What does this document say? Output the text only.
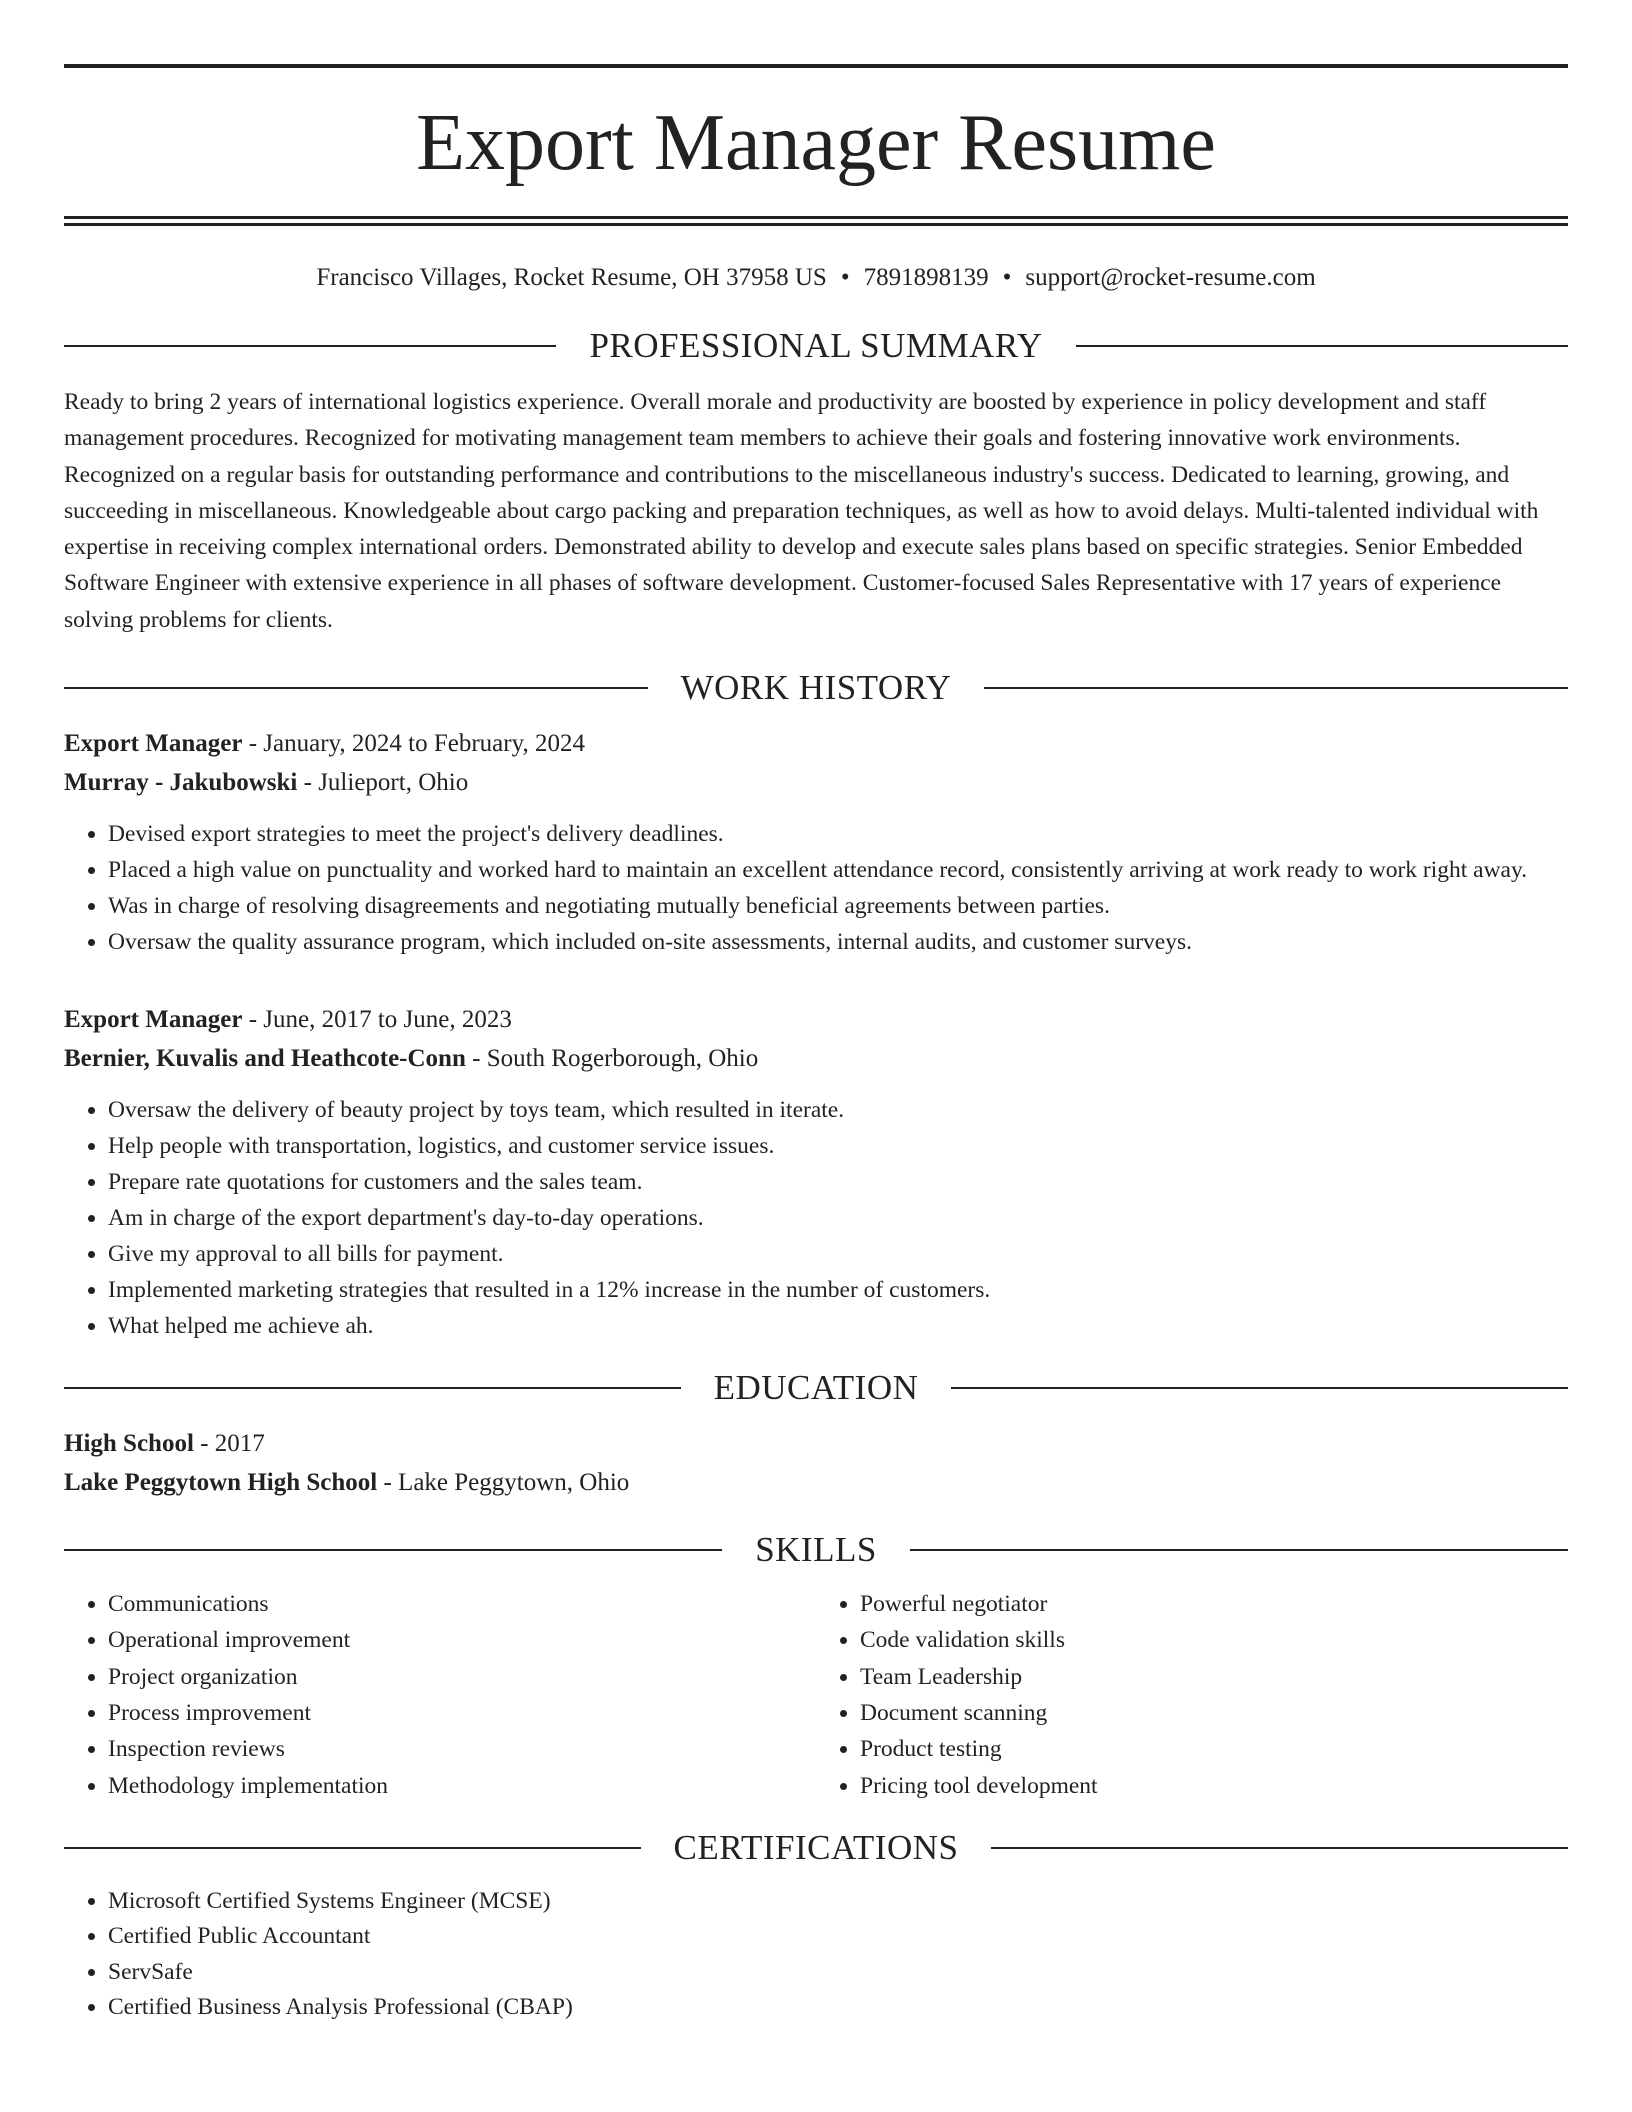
Export Manager Resume
Francisco Villages, Rocket Resume, OH 37958 US • 7891898139 • support@rocket-resume.com
PROFESSIONAL SUMMARY
Ready to bring 2 years of international logistics experience. Overall morale and productivity are boosted by experience in policy development and staff management procedures. Recognized for motivating management team members to achieve their goals and fostering innovative work environments. Recognized on a regular basis for outstanding performance and contributions to the miscellaneous industry's success. Dedicated to learning, growing, and succeeding in miscellaneous. Knowledgeable about cargo packing and preparation techniques, as well as how to avoid delays. Multi-talented individual with expertise in receiving complex international orders. Demonstrated ability to develop and execute sales plans based on specific strategies. Senior Embedded Software Engineer with extensive experience in all phases of software development. Customer-focused Sales Representative with 17 years of experience solving problems for clients.
WORK HISTORY
Export Manager - January, 2024 to February, 2024
Murray - Jakubowski - Julieport, Ohio
• Devised export strategies to meet the project's delivery deadlines.
• Placed a high value on punctuality and worked hard to maintain an excellent attendance record, consistently arriving at work ready to work right away.
• Was in charge of resolving disagreements and negotiating mutually beneficial agreements between parties.
• Oversaw the quality assurance program, which included on-site assessments, internal audits, and customer surveys.
Export Manager - June, 2017 to June, 2023
Bernier, Kuvalis and Heathcote-Conn - South Rogerborough, Ohio
• Oversaw the delivery of beauty project by toys team, which resulted in iterate.
• Help people with transportation, logistics, and customer service issues.
• Prepare rate quotations for customers and the sales team.
• Am in charge of the export department's day-to-day operations.
• Give my approval to all bills for payment.
• Implemented marketing strategies that resulted in a 12% increase in the number of customers.
• What helped me achieve ah.
EDUCATION
High School - 2017
Lake Peggytown High School - Lake Peggytown, Ohio
SKILLS
• Communications
• Operational improvement
• Project organization
• Process improvement
• Inspection reviews
• Methodology implementation
• Powerful negotiator
• Code validation skills
• Team Leadership
• Document scanning
• Product testing
• Pricing tool development
CERTIFICATIONS
• Microsoft Certified Systems Engineer (MCSE)
• Certified Public Accountant
• ServSafe
• Certified Business Analysis Professional (CBAP)
